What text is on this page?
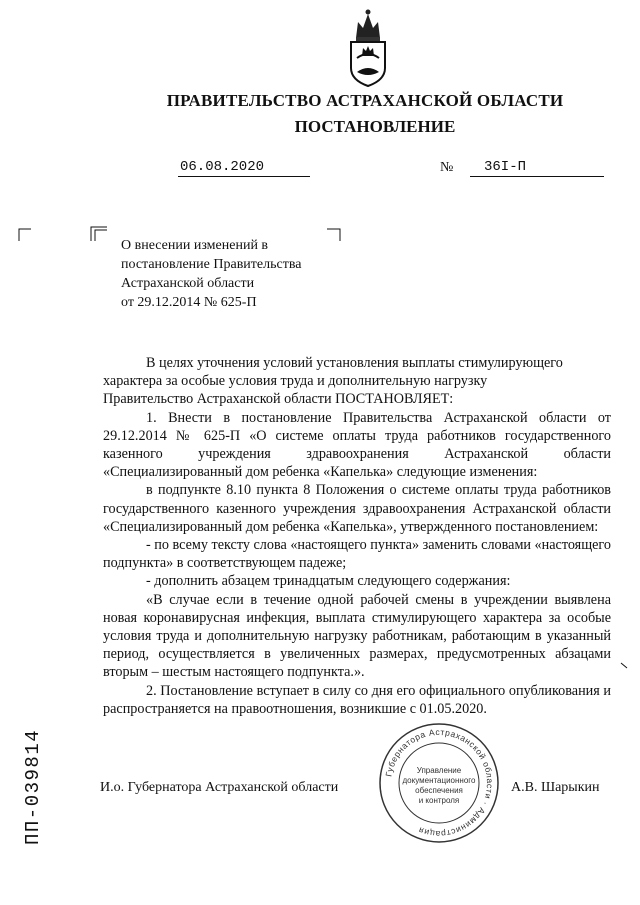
ПРАВИТЕЛЬСТВО АСТРАХАНСКОЙ ОБЛАСТИ
ПОСТАНОВЛЕНИЕ
06.08.2020	№	36I-П
О внесении изменений в
постановление Правительства
Астраханской области
от 29.12.2014 № 625-П

В целях уточнения условий установления выплаты стимулирующего

характера за особые условия труда и дополнительную нагрузку

Правительство Астраханской области ПОСТАНОВЛЯЕТ:

1. Внести в постановление Правительства Астраханской области от 29.12.2014 № 625-П «О системе оплаты труда работников государственного казенного учреждения здравоохранения Астраханской области «Специализированный дом ребенка «Капелька» следующие изменения:

в подпункте 8.10 пункта 8 Положения о системе оплаты труда работников государственного казенного учреждения здравоохранения Астраханской области «Специализированный дом ребенка «Капелька», утвержденного постановлением:

- по всему тексту слова «настоящего пункта» заменить словами «настоящего подпункта» в соответствующем падеже;

- дополнить абзацем тринадцатым следующего содержания:

«В случае если в течение одной рабочей смены в учреждении выявлена новая коронавирусная инфекция, выплата стимулирующего характера за особые условия труда и дополнительную нагрузку работникам, работающим в указанный период, осуществляется в увеличенных размерах, предусмотренных абзацами вторым – шестым настоящего подпункта.».

2. Постановление вступает в силу со дня его официального опубликования и распространяется на правоотношения, возникшие с 01.05.2020.

И.о. Губернатора Астраханской области	А.В. Шарыкин
Губернатора Астраханской области · Администрация
Управление
документационного
обеспечения
и контроля
ПП-039814
